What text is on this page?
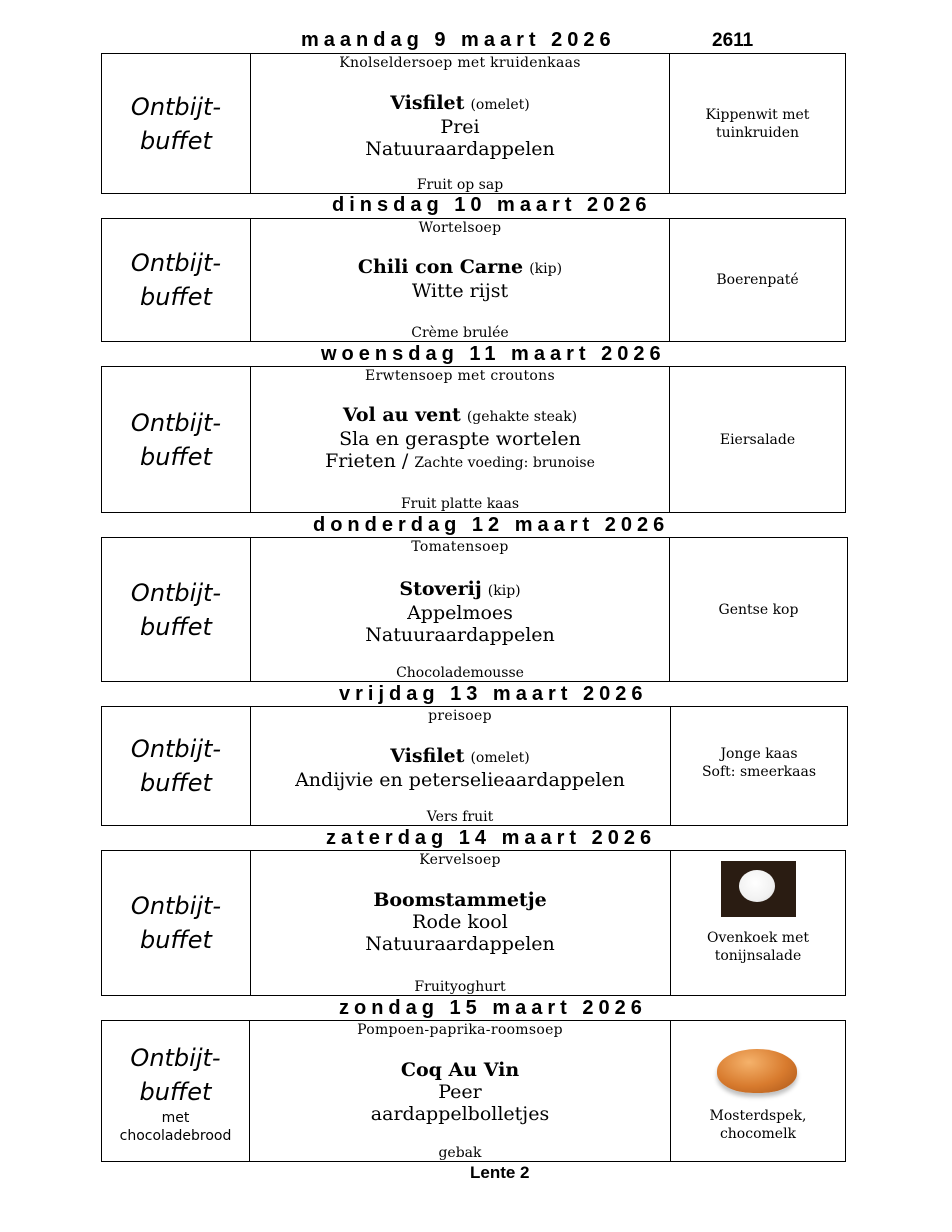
maandag 9 maart 2026	2611
Ontbijt-
buffet
Knolseldersoep met kruidenkaas
Visfilet (omelet)
Prei
Natuuraardappelen
Fruit op sap
Kippenwit met
tuinkruiden
dinsdag 10 maart 2026
Ontbijt-
buffet
Wortelsoep
Chili con Carne (kip)
Witte rijst
Crème brulée
Boerenpaté
woensdag 11 maart 2026
Ontbijt-
buffet
Erwtensoep met croutons
Vol au vent (gehakte steak)
Sla en geraspte wortelen
Frieten / Zachte voeding: brunoise
Fruit platte kaas
Eiersalade
donderdag 12 maart 2026
Ontbijt-
buffet
Tomatensoep
Stoverij (kip)
Appelmoes
Natuuraardappelen
Chocolademousse
Gentse kop
vrijdag 13 maart 2026
Ontbijt-
buffet
preisoep
Visfilet (omelet)
Andijvie en peterselieaardappelen
Vers fruit
Jonge kaas
Soft: smeerkaas
zaterdag 14 maart 2026
Ontbijt-
buffet
Kervelsoep
Boomstammetje
Rode kool
Natuuraardappelen
Fruityoghurt
Ovenkoek met
tonijnsalade
zondag 15 maart 2026
Ontbijt-
buffet
met
chocoladebrood
Pompoen-paprika-roomsoep
Coq Au Vin
Peer
aardappelbolletjes
gebak
Mosterdspek,
chocomelk
Lente 2
